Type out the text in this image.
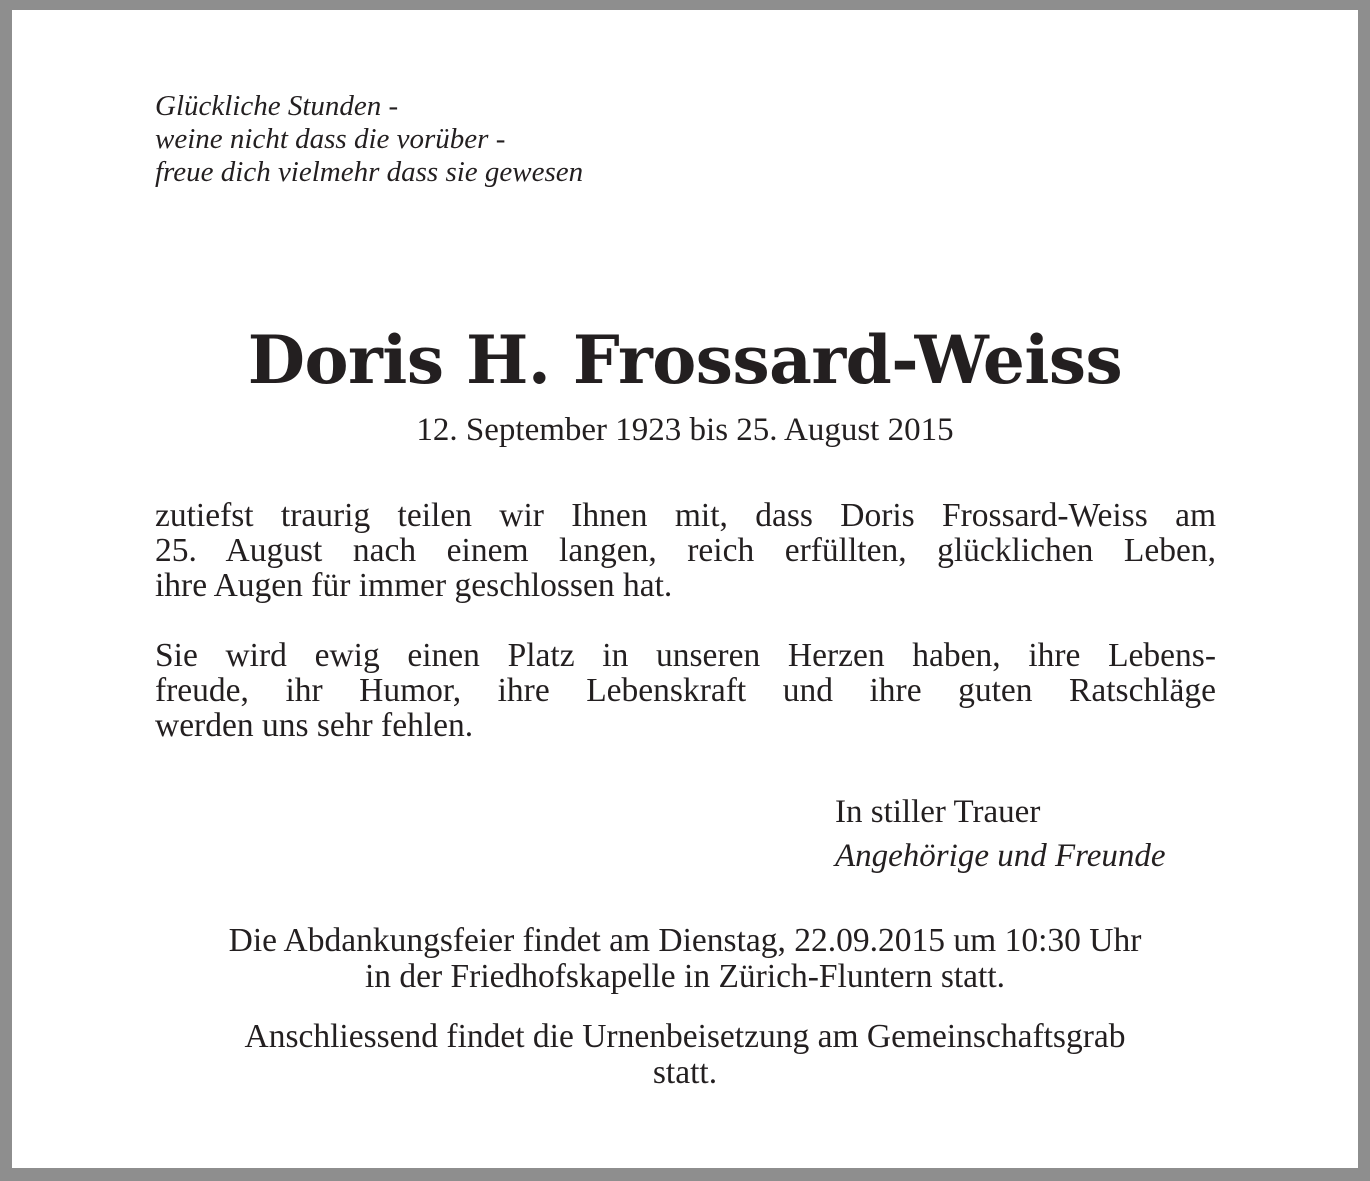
Glückliche Stunden -
weine nicht dass die vorüber -
freue dich vielmehr dass sie gewesen
Doris H. Frossard-Weiss
12. September 1923 bis 25. August 2015
zutiefst traurig teilen wir Ihnen mit, dass Doris Frossard-Weiss am
25. August nach einem langen, reich erfüllten, glücklichen Leben,
ihre Augen für immer geschlossen hat.
Sie wird ewig einen Platz in unseren Herzen haben, ihre Lebens-
freude, ihr Humor, ihre Lebenskraft und ihre guten Ratschläge
werden uns sehr fehlen.
In stiller Trauer
Angehörige und Freunde
Die Abdankungsfeier findet am Dienstag, 22.09.2015 um 10:30 Uhr
in der Friedhofskapelle in Zürich-Fluntern statt.
Anschliessend findet die Urnenbeisetzung am Gemeinschaftsgrab
statt.
